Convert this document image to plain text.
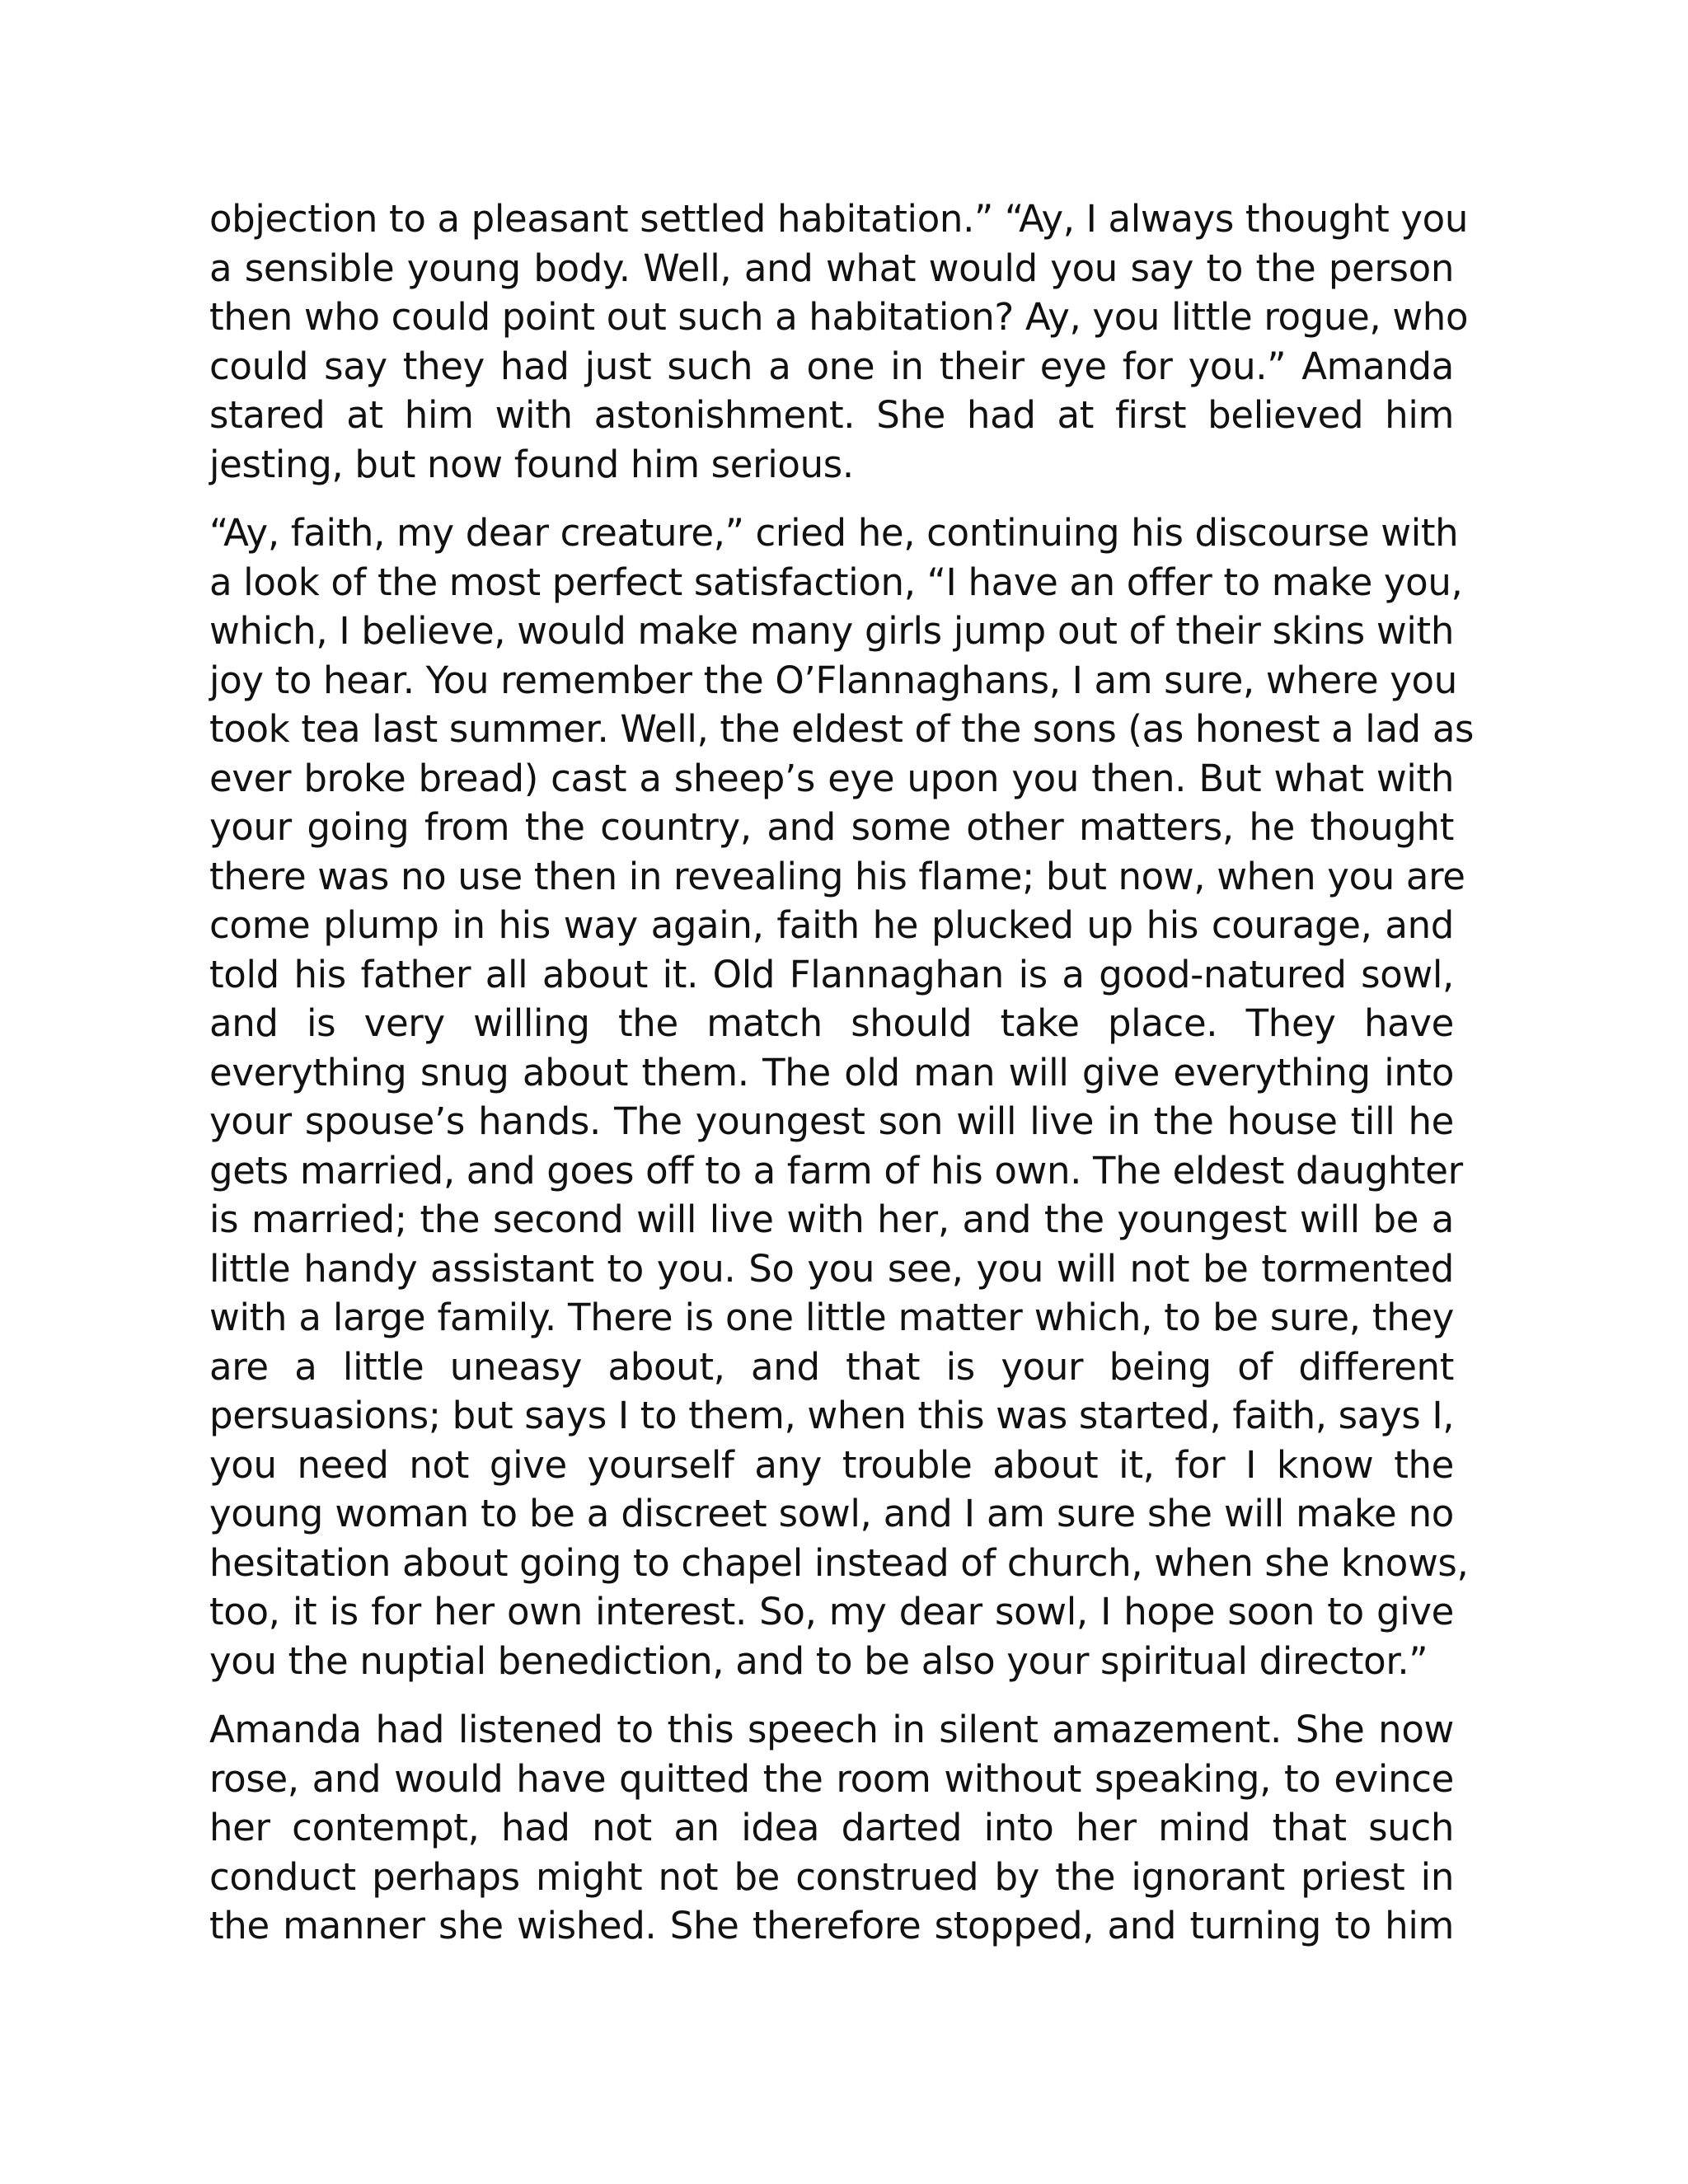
objection to a pleasant settled habitation.” “Ay, I always thought you
a sensible young body. Well, and what would you say to the person
then who could point out such a habitation? Ay, you little rogue, who
could say they had just such a one in their eye for you.” Amanda
stared at him with astonishment. She had at first believed him
jesting, but now found him serious.
“Ay, faith, my dear creature,” cried he, continuing his discourse with
a look of the most perfect satisfaction, “I have an offer to make you,
which, I believe, would make many girls jump out of their skins with
joy to hear. You remember the O’Flannaghans, I am sure, where you
took tea last summer. Well, the eldest of the sons (as honest a lad as
ever broke bread) cast a sheep’s eye upon you then. But what with
your going from the country, and some other matters, he thought
there was no use then in revealing his flame; but now, when you are
come plump in his way again, faith he plucked up his courage, and
told his father all about it. Old Flannaghan is a good-natured sowl,
and is very willing the match should take place. They have
everything snug about them. The old man will give everything into
your spouse’s hands. The youngest son will live in the house till he
gets married, and goes off to a farm of his own. The eldest daughter
is married; the second will live with her, and the youngest will be a
little handy assistant to you. So you see, you will not be tormented
with a large family. There is one little matter which, to be sure, they
are a little uneasy about, and that is your being of different
persuasions; but says I to them, when this was started, faith, says I,
you need not give yourself any trouble about it, for I know the
young woman to be a discreet sowl, and I am sure she will make no
hesitation about going to chapel instead of church, when she knows,
too, it is for her own interest. So, my dear sowl, I hope soon to give
you the nuptial benediction, and to be also your spiritual director.”
Amanda had listened to this speech in silent amazement. She now
rose, and would have quitted the room without speaking, to evince
her contempt, had not an idea darted into her mind that such
conduct perhaps might not be construed by the ignorant priest in
the manner she wished. She therefore stopped, and turning to him
